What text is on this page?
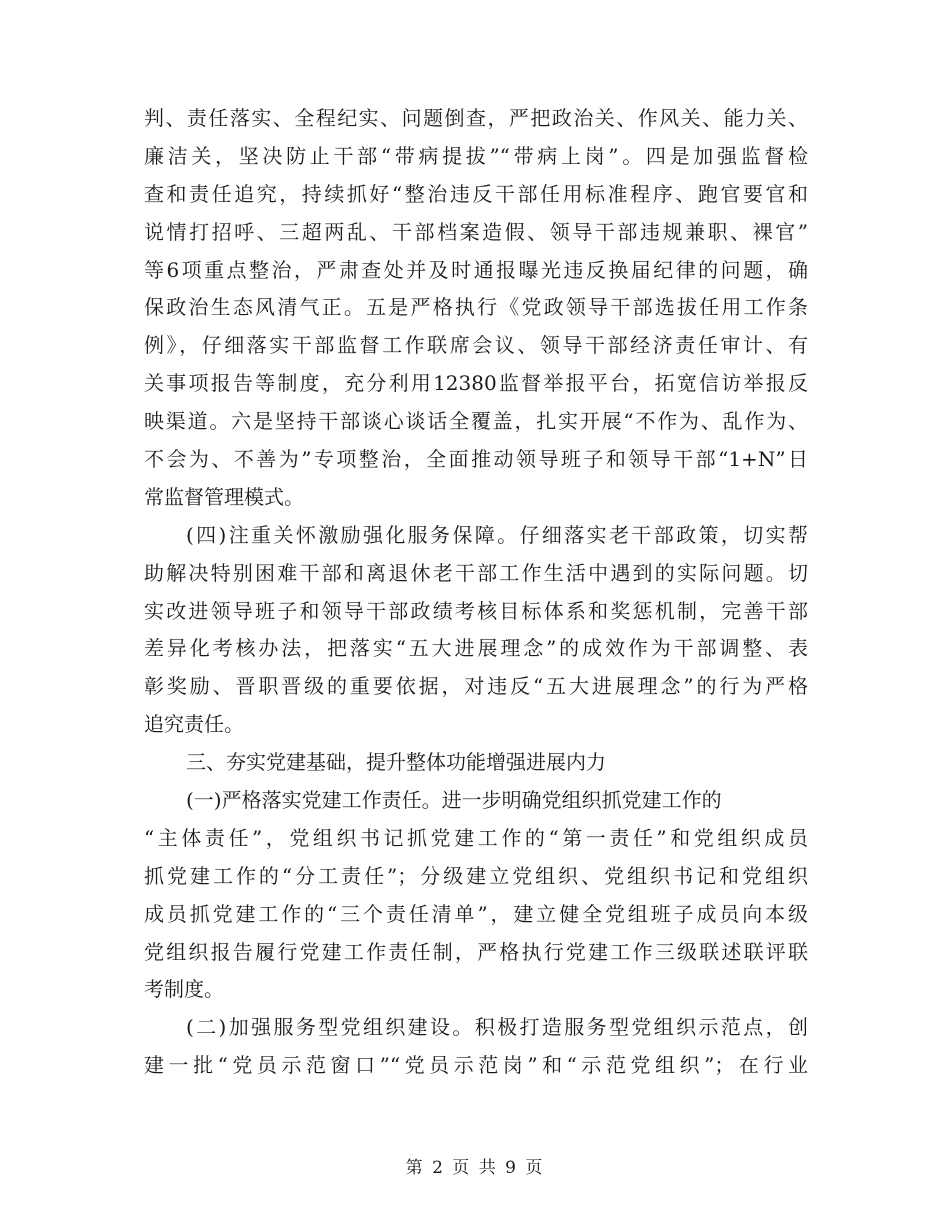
判、责任落实、全程纪实、问题倒查，严把政治关、作风关、能力关、
廉洁关，坚决防止干部“带病提拔”“带病上岗”。四是加强监督检
查和责任追究，持续抓好“整治违反干部任用标准程序、跑官要官和
说情打招呼、三超两乱、干部档案造假、领导干部违规兼职、裸官”
等6项重点整治，严肃查处并及时通报曝光违反换届纪律的问题，确
保政治生态风清气正。五是严格执行《党政领导干部选拔任用工作条
例》，仔细落实干部监督工作联席会议、领导干部经济责任审计、有
关事项报告等制度，充分利用12380监督举报平台，拓宽信访举报反
映渠道。六是坚持干部谈心谈话全覆盖，扎实开展“不作为、乱作为、
不会为、不善为”专项整治，全面推动领导班子和领导干部“1+N”日
常监督管理模式。
(四)注重关怀激励强化服务保障。仔细落实老干部政策，切实帮
助解决特别困难干部和离退休老干部工作生活中遇到的实际问题。切
实改进领导班子和领导干部政绩考核目标体系和奖惩机制，完善干部
差异化考核办法，把落实“五大进展理念”的成效作为干部调整、表
彰奖励、晋职晋级的重要依据，对违反“五大进展理念”的行为严格
追究责任。
三、夯实党建基础，提升整体功能增强进展内力
(一)严格落实党建工作责任。进一步明确党组织抓党建工作的
“主体责任”，党组织书记抓党建工作的“第一责任”和党组织成员
抓党建工作的“分工责任”；分级建立党组织、党组织书记和党组织
成员抓党建工作的“三个责任清单”，建立健全党组班子成员向本级
党组织报告履行党建工作责任制，严格执行党建工作三级联述联评联
考制度。
(二)加强服务型党组织建设。积极打造服务型党组织示范点，创
建一批“党员示范窗口”“党员示范岗”和“示范党组织”；在行业
第 2 页 共 9 页
